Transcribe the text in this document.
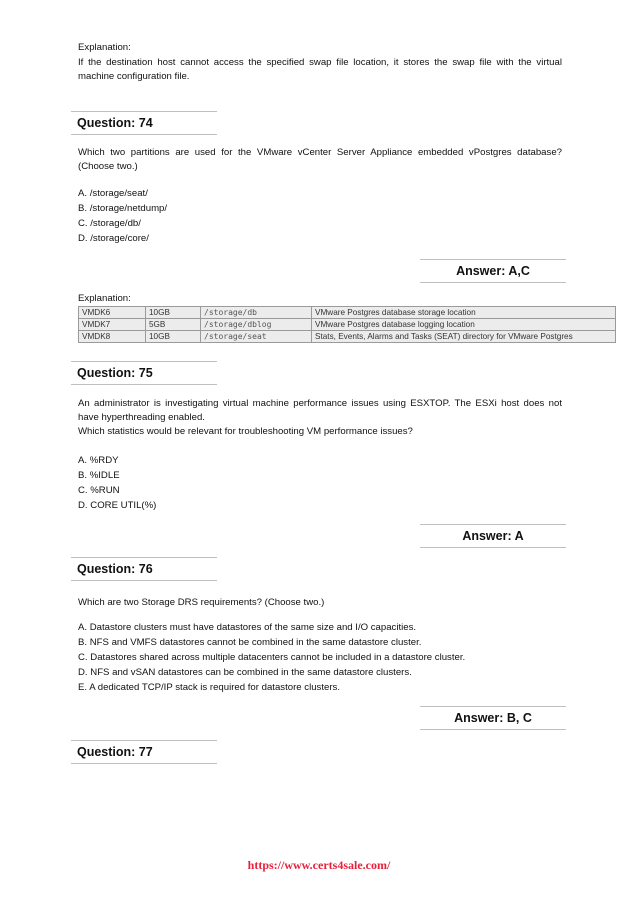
Explanation:
If the destination host cannot access the specified swap file location, it stores the swap file with the virtual machine configuration file.
Question: 74
Which two partitions are used for the VMware vCenter Server Appliance embedded vPostgres database? (Choose two.)
A. /storage/seat/
B. /storage/netdump/
C. /storage/db/
D. /storage/core/
Answer: A,C
Explanation:
VMDK6	10GB	/storage/db	VMware Postgres database storage location
VMDK7	5GB	/storage/dblog	VMware Postgres database logging location
VMDK8	10GB	/storage/seat	Stats, Events, Alarms and Tasks (SEAT) directory for VMware Postgres
Question: 75
An administrator is investigating virtual machine performance issues using ESXTOP. The ESXi host does not have hyperthreading enabled.
Which statistics would be relevant for troubleshooting VM performance issues?
A. %RDY
B. %IDLE
C. %RUN
D. CORE UTIL(%)
Answer: A
Question: 76
Which are two Storage DRS requirements? (Choose two.)
A. Datastore clusters must have datastores of the same size and I/O capacities.
B. NFS and VMFS datastores cannot be combined in the same datastore cluster.
C. Datastores shared across multiple datacenters cannot be included in a datastore cluster.
D. NFS and vSAN datastores can be combined in the same datastore clusters.
E. A dedicated TCP/IP stack is required for datastore clusters.
Answer: B, C
Question: 77
https://www.certs4sale.com/
